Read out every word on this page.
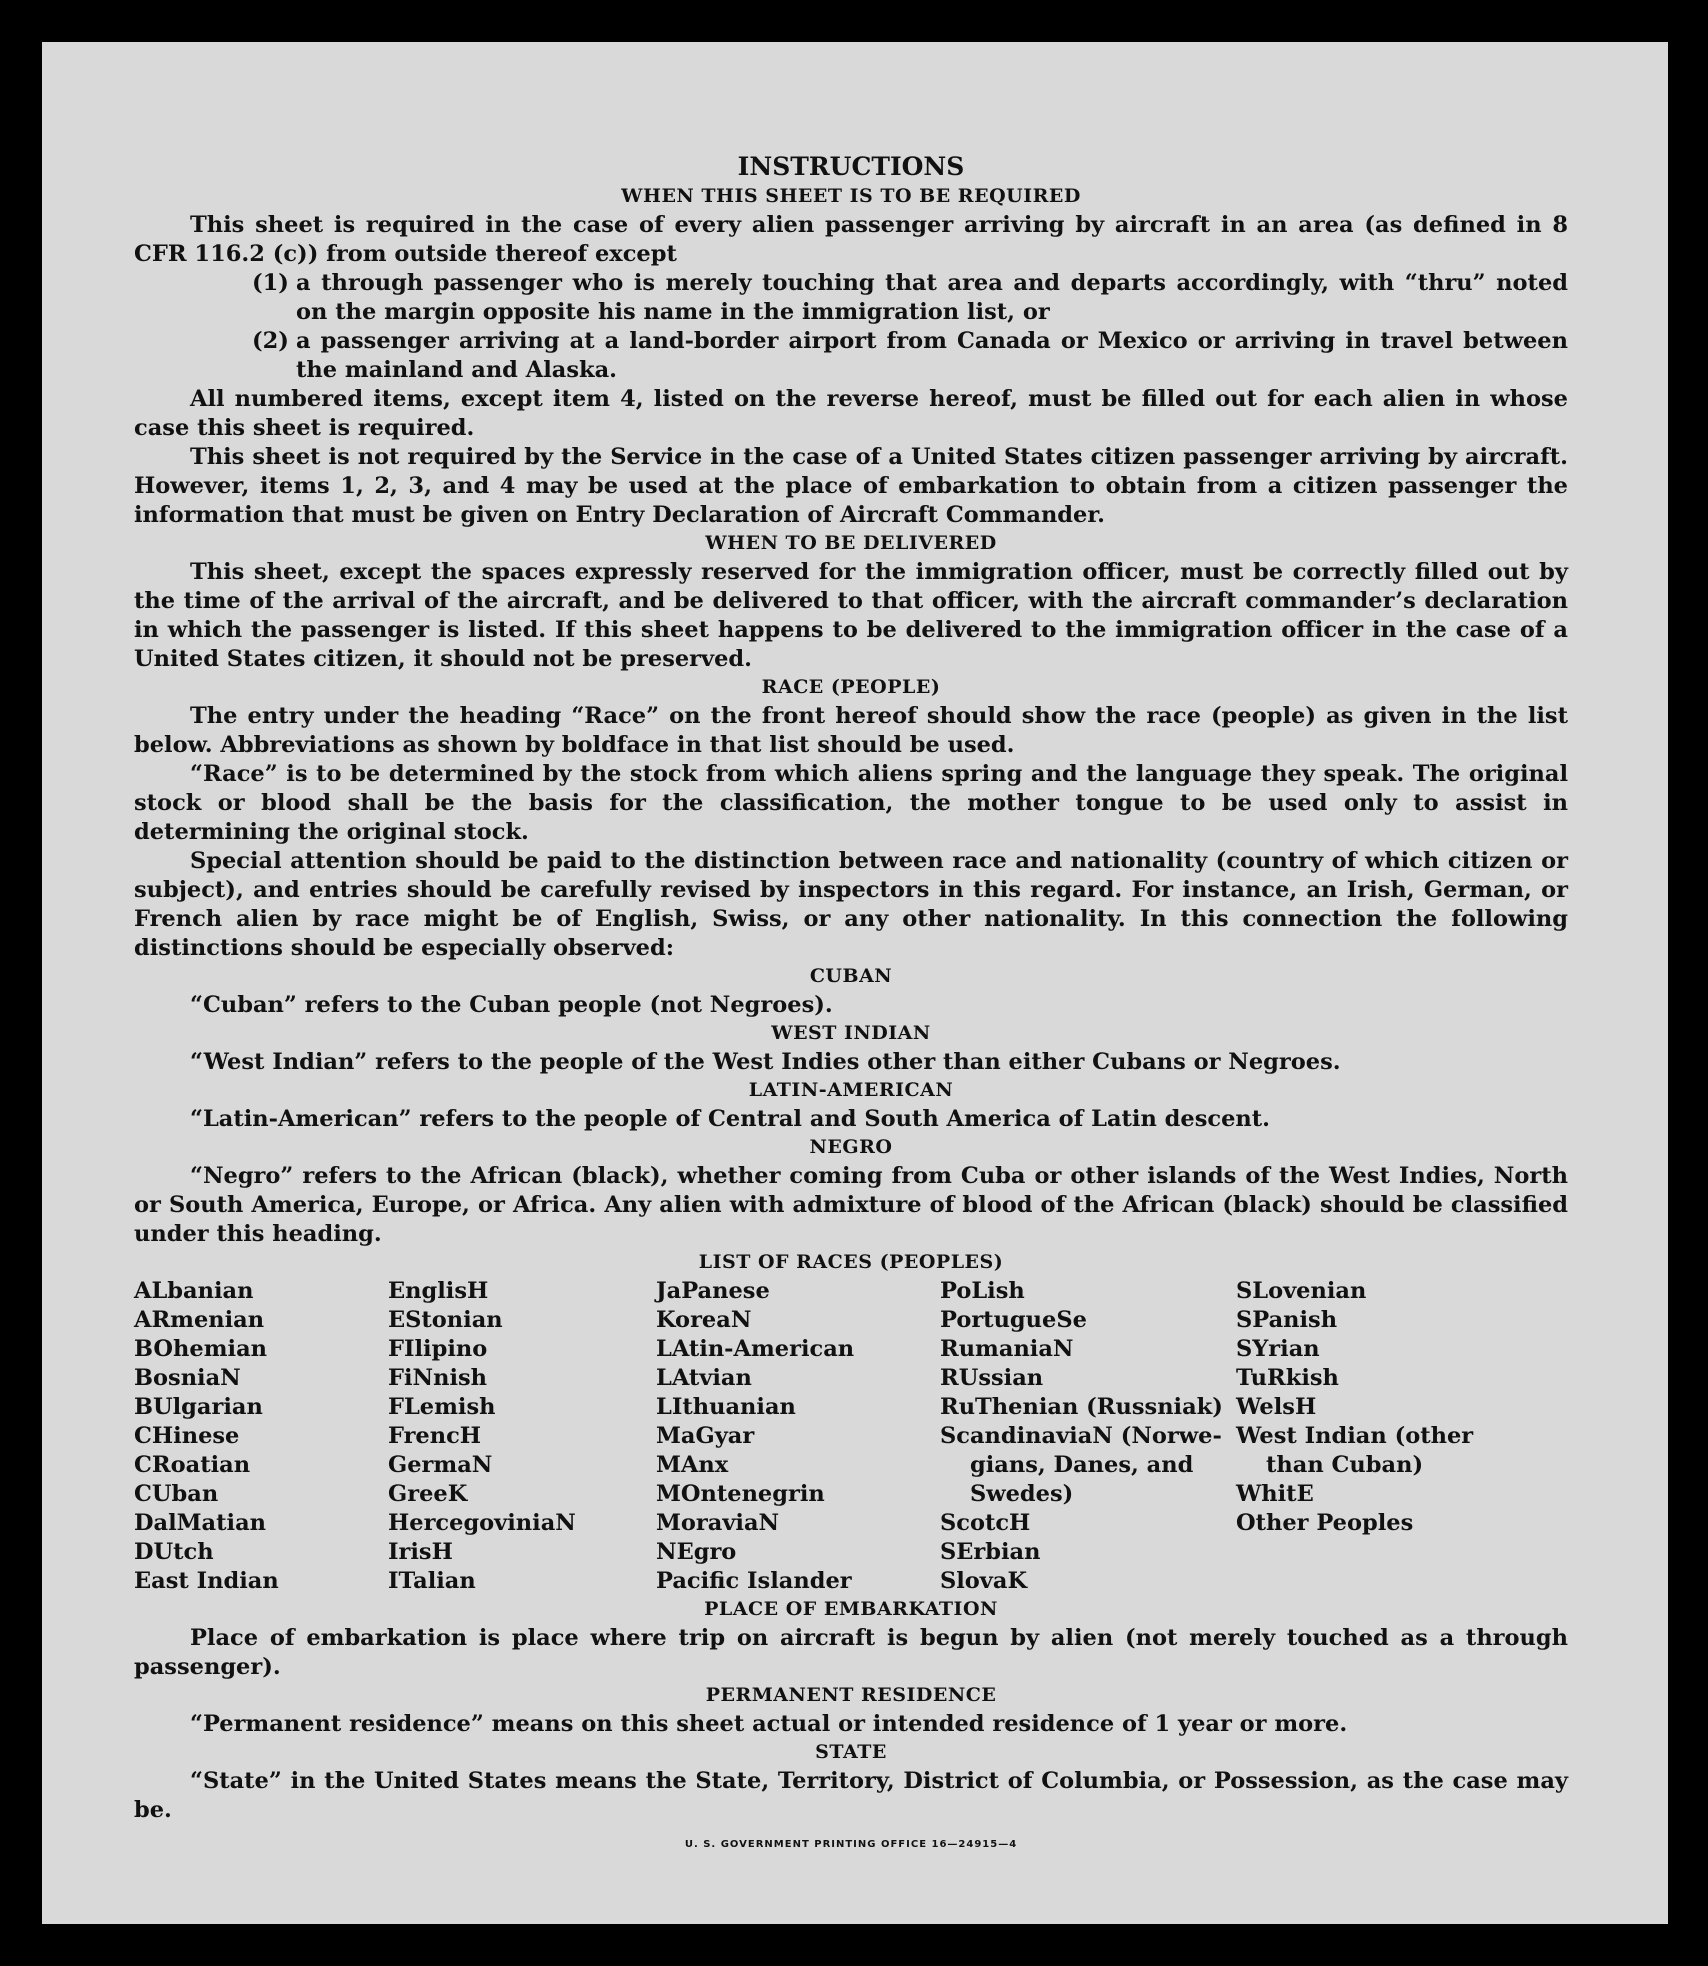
INSTRUCTIONS
WHEN THIS SHEET IS TO BE REQUIRED

This sheet is required in the case of every alien passenger arriving by aircraft in an area (as defined in 8 CFR 116.2 (c)) from outside thereof except

(1) a through passenger who is merely touching that area and departs accordingly, with “thru” noted on the margin opposite his name in the immigration list, or
(2) a passenger arriving at a land-border airport from Canada or Mexico or arriving in travel between the mainland and Alaska.

All numbered items, except item 4, listed on the reverse hereof, must be filled out for each alien in whose case this sheet is required.

This sheet is not required by the Service in the case of a United States citizen passenger arriving by aircraft. However, items 1, 2, 3, and 4 may be used at the place of embarkation to obtain from a citizen passenger the information that must be given on Entry Declaration of Aircraft Commander.

WHEN TO BE DELIVERED

This sheet, except the spaces expressly reserved for the immigration officer, must be correctly filled out by the time of the arrival of the aircraft, and be delivered to that officer, with the aircraft commander’s declaration in which the passenger is listed. If this sheet happens to be delivered to the immigration officer in the case of a United States citizen, it should not be preserved.

RACE (PEOPLE)

The entry under the heading “Race” on the front hereof should show the race (people) as given in the list below. Abbreviations as shown by boldface in that list should be used.

“Race” is to be determined by the stock from which aliens spring and the language they speak. The original stock or blood shall be the basis for the classification, the mother tongue to be used only to assist in determining the original stock.

Special attention should be paid to the distinction between race and nationality (country of which citizen or subject), and entries should be carefully revised by inspectors in this regard. For instance, an Irish, German, or French alien by race might be of English, Swiss, or any other nationality. In this connection the following distinctions should be especially observed:

CUBAN

“Cuban” refers to the Cuban people (not Negroes).

WEST INDIAN

“West Indian” refers to the people of the West Indies other than either Cubans or Negroes.

LATIN-AMERICAN

“Latin-American” refers to the people of Central and South America of Latin descent.

NEGRO

“Negro” refers to the African (black), whether coming from Cuba or other islands of the West Indies, North or South America, Europe, or Africa. Any alien with admixture of blood of the African (black) should be classified under this heading.

LIST OF RACES (PEOPLES)
ALbanian
ARmenian
BOhemian
BosniaN
BUlgarian
CHinese
CRoatian
CUban
DalMatian
DUtch
East Indian
EnglisH
EStonian
FIlipino
FiNnish
FLemish
FrencH
GermaN
GreeK
HercegoviniaN
IrisH
ITalian
JaPanese
KoreaN
LAtin-American
LAtvian
LIthuanian
MaGyar
MAnx
MOntenegrin
MoraviaN
NEgro
Pacific Islander
PoLish
PortugueSe
RumaniaN
RUssian
RuThenian (Russniak)
ScandinaviaN (Norwe-
gians, Danes, and
Swedes)
ScotcH
SErbian
SlovaK
SLovenian
SPanish
SYrian
TuRkish
WelsH
West Indian (other
than Cuban)
WhitE
Other Peoples
PLACE OF EMBARKATION

Place of embarkation is place where trip on aircraft is begun by alien (not merely touched as a through passenger).

PERMANENT RESIDENCE

“Permanent residence” means on this sheet actual or intended residence of 1 year or more.

STATE

“State” in the United States means the State, Territory, District of Columbia, or Possession, as the case may be.

U. S. GOVERNMENT PRINTING OFFICE 16—24915—4
